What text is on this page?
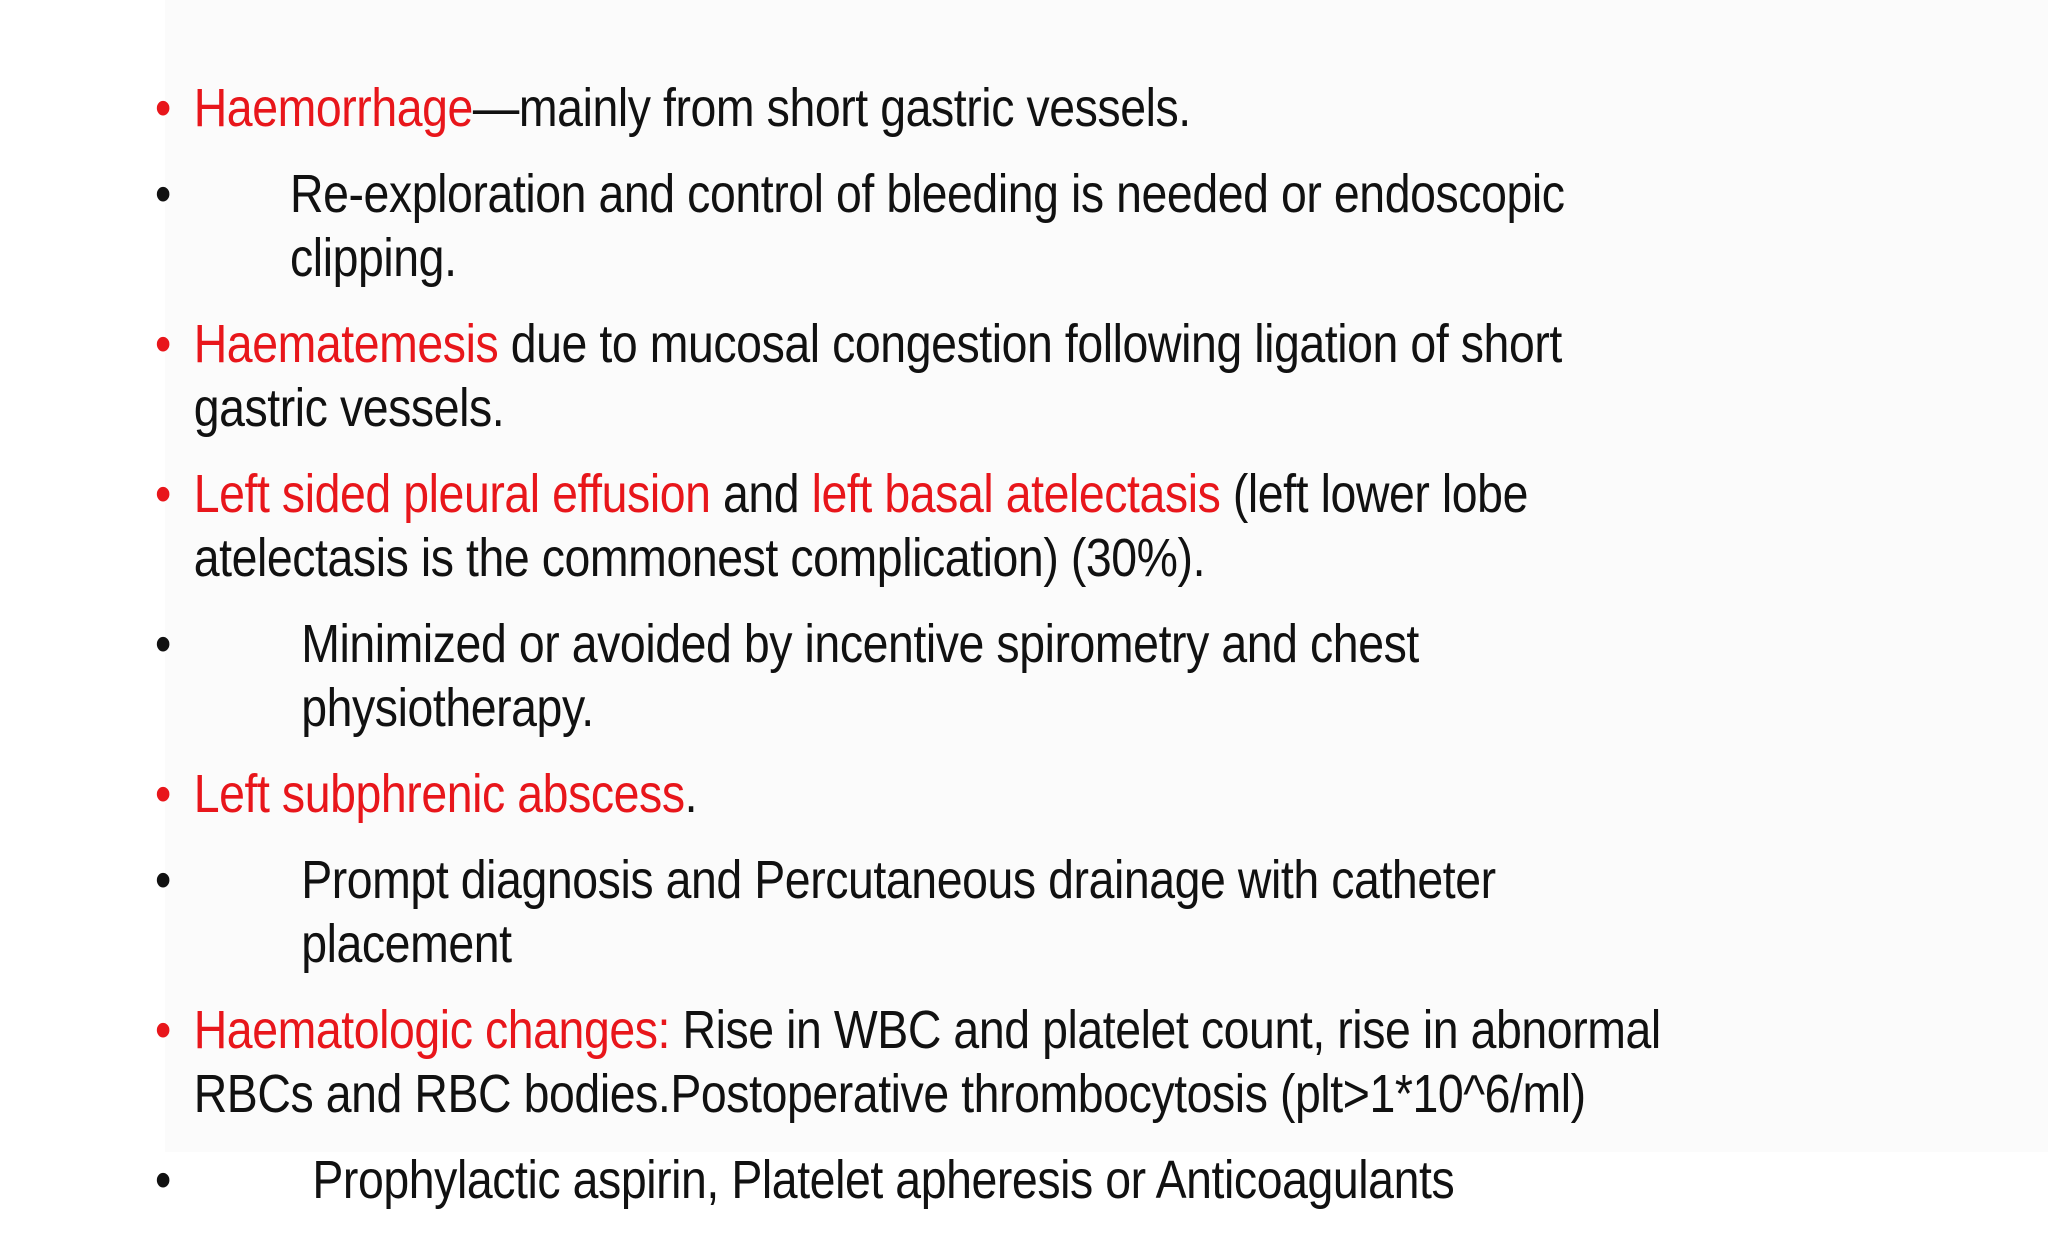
• Haemorrhage—mainly from short gastric vessels.
• Re-exploration and control of bleeding is needed or endoscopic clipping.
• Haematemesis due to mucosal congestion following ligation of short gastric vessels.
• Left sided pleural effusion and left basal atelectasis (left lower lobe atelectasis is the commonest complication) (30%).
• Minimized or avoided by incentive spirometry and chest physiotherapy.
• Left subphrenic abscess.
• Prompt diagnosis and Percutaneous drainage with catheter placement
• Haematologic changes: Rise in WBC and platelet count, rise in abnormal RBCs and RBC bodies.Postoperative thrombocytosis (plt>1*10^6/ml)
•	Prophylactic aspirin, Platelet apheresis or Anticoagulants
